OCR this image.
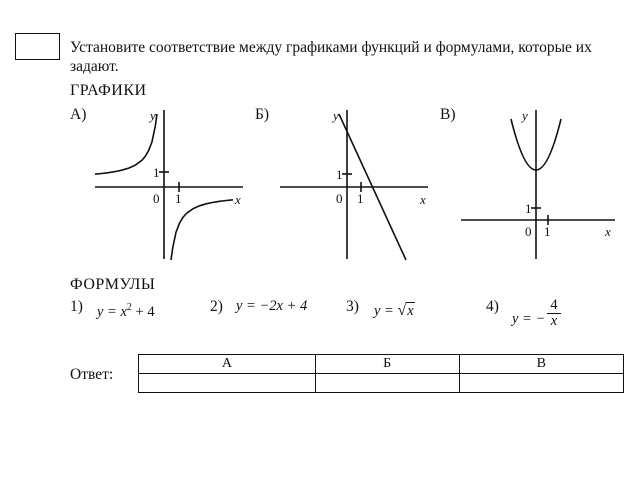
Установите соответствие между графиками функций и формулами, которые их задают.
ГРАФИКИ
А)	Б)	В)
y
x
1
0 1
y
x
1
0 1
y
x
1
0 1
ФОРМУЛЫ
1) $y = x^2 + 4$	2) y = −2x + 4	3) y = √x	4)
y = − $\frac{4}{x}$
Ответ:
А	Б	В
